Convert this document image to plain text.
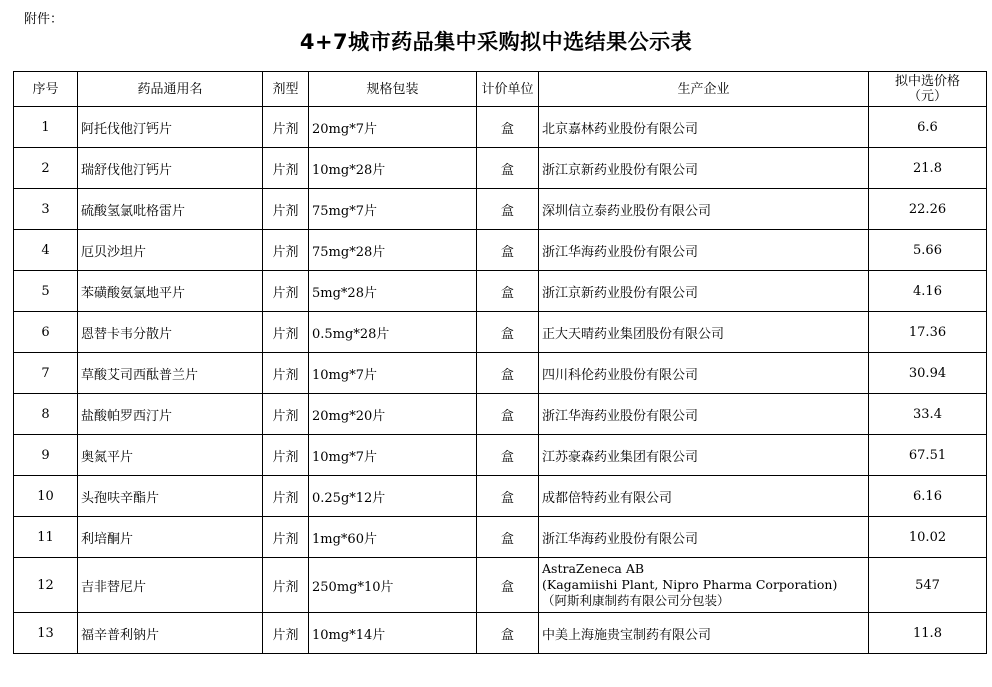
附件：
4+7城市药品集中采购拟中选结果公示表
序号	药品通用名	剂型	规格包装	计价单位	生产企业	拟中选价格
（元）

1	阿托伐他汀钙片	片剂	20mg*7片	盒	北京嘉林药业股份有限公司	6.6
2	瑞舒伐他汀钙片	片剂	10mg*28片	盒	浙江京新药业股份有限公司	21.8
3	硫酸氢氯吡格雷片	片剂	75mg*7片	盒	深圳信立泰药业股份有限公司	22.26
4	厄贝沙坦片	片剂	75mg*28片	盒	浙江华海药业股份有限公司	5.66
5	苯磺酸氨氯地平片	片剂	5mg*28片	盒	浙江京新药业股份有限公司	4.16
6	恩替卡韦分散片	片剂	0.5mg*28片	盒	正大天晴药业集团股份有限公司	17.36
7	草酸艾司西酞普兰片	片剂	10mg*7片	盒	四川科伦药业股份有限公司	30.94
8	盐酸帕罗西汀片	片剂	20mg*20片	盒	浙江华海药业股份有限公司	33.4
9	奥氮平片	片剂	10mg*7片	盒	江苏豪森药业集团有限公司	67.51
10	头孢呋辛酯片	片剂	0.25g*12片	盒	成都倍特药业有限公司	6.16
11	利培酮片	片剂	1mg*60片	盒	浙江华海药业股份有限公司	10.02
12	吉非替尼片	片剂	250mg*10片	盒	AstraZeneca AB
(Kagamiishi Plant, Nipro Pharma Corporation)
（阿斯利康制药有限公司分包装）	547
13	福辛普利钠片	片剂	10mg*14片	盒	中美上海施贵宝制药有限公司	11.8
